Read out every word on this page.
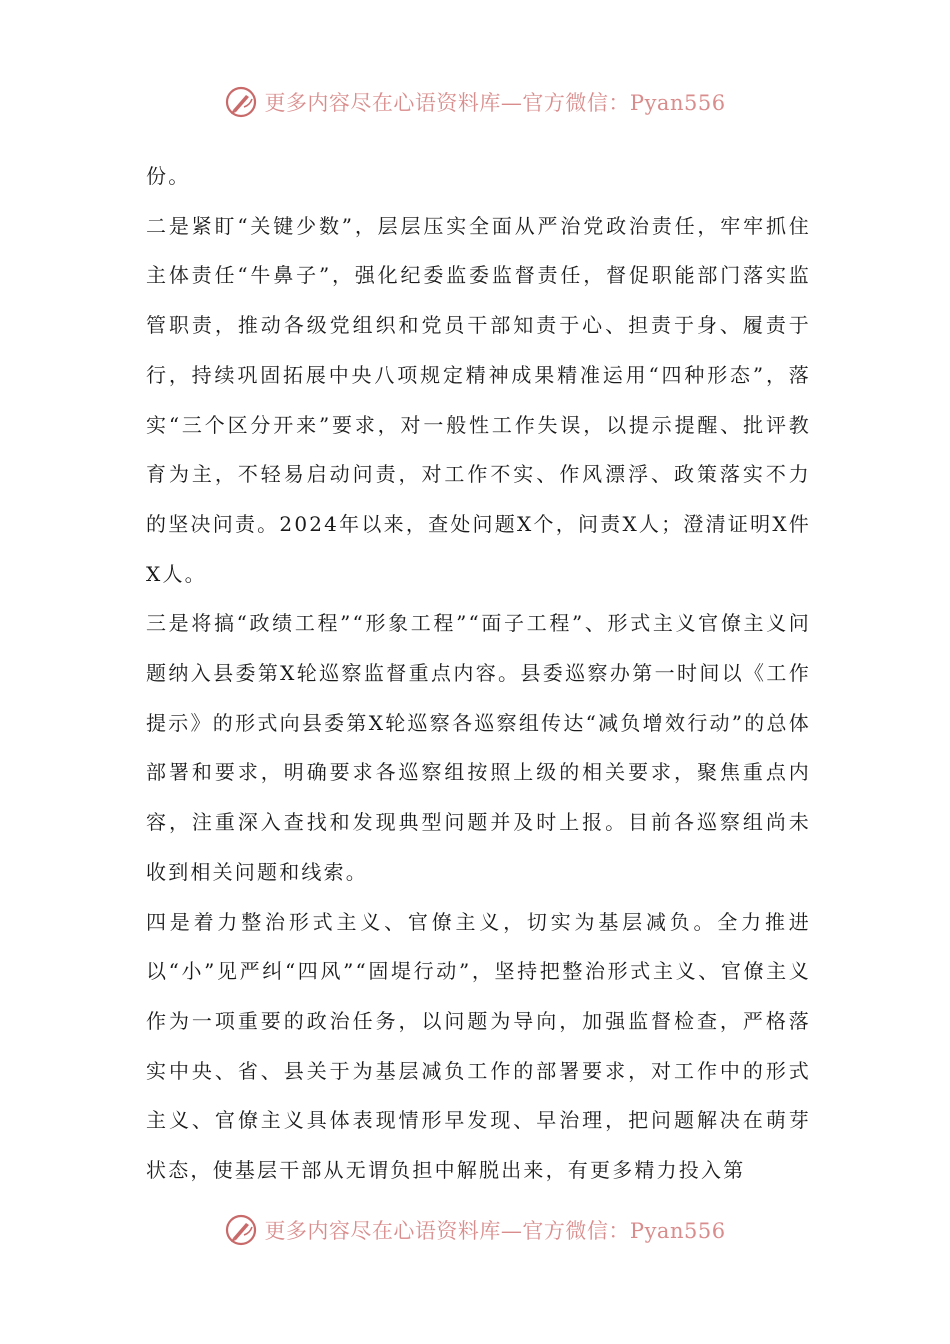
更多内容尽在心语资料库—官方微信：Pyan556

份。

二是紧盯“关键少数”，层层压实全面从严治党政治责任，牢牢抓住主体责任“牛鼻子”，强化纪委监委监督责任，督促职能部门落实监管职责，推动各级党组织和党员干部知责于心、担责于身、履责于行，持续巩固拓展中央八项规定精神成果精准运用“四种形态”，落实“三个区分开来”要求，对一般性工作失误，以提示提醒、批评教育为主，不轻易启动问责，对工作不实、作风漂浮、政策落实不力的坚决问责。2024年以来，查处问题X个，问责X人；澄清证明X件X人。

三是将搞“政绩工程”“形象工程”“面子工程”、形式主义官僚主义问题纳入县委第X轮巡察监督重点内容。县委巡察办第一时间以《工作提示》的形式向县委第X轮巡察各巡察组传达“减负增效行动”的总体部署和要求，明确要求各巡察组按照上级的相关要求，聚焦重点内容，注重深入查找和发现典型问题并及时上报。目前各巡察组尚未收到相关问题和线索。

四是着力整治形式主义、官僚主义，切实为基层减负。全力推进以“小”见严纠“四风”“固堤行动”，坚持把整治形式主义、官僚主义作为一项重要的政治任务，以问题为导向，加强监督检查，严格落实中央、省、县关于为基层减负工作的部署要求，对工作中的形式主义、官僚主义具体表现情形早发现、早治理，把问题解决在萌芽状态，使基层干部从无谓负担中解脱出来，有更多精力投入第

更多内容尽在心语资料库—官方微信：Pyan556
